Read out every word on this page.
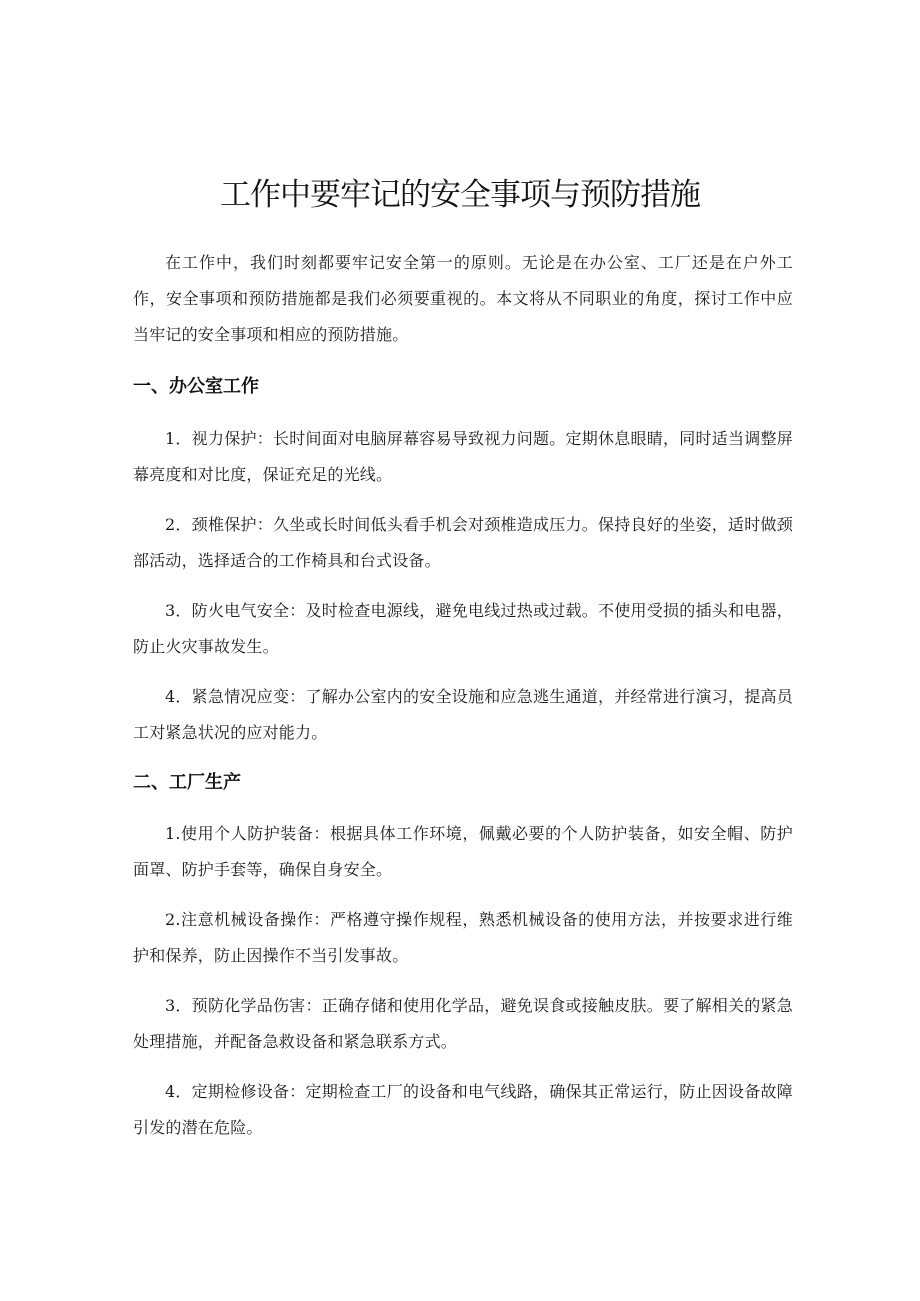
工作中要牢记的安全事项与预防措施

在工作中，我们时刻都要牢记安全第一的原则。无论是在办公室、工厂还是在户外工作，安全事项和预防措施都是我们必须要重视的。本文将从不同职业的角度，探讨工作中应当牢记的安全事项和相应的预防措施。

一、办公室工作

1．视力保护：长时间面对电脑屏幕容易导致视力问题。定期休息眼睛，同时适当调整屏幕亮度和对比度，保证充足的光线。

2．颈椎保护：久坐或长时间低头看手机会对颈椎造成压力。保持良好的坐姿，适时做颈部活动，选择适合的工作椅具和台式设备。

3．防火电气安全：及时检查电源线，避免电线过热或过载。不使用受损的插头和电器，防止火灾事故发生。

4．紧急情况应变：了解办公室内的安全设施和应急逃生通道，并经常进行演习，提高员工对紧急状况的应对能力。

二、工厂生产

1.使用个人防护装备：根据具体工作环境，佩戴必要的个人防护装备，如安全帽、防护面罩、防护手套等，确保自身安全。

2.注意机械设备操作：严格遵守操作规程，熟悉机械设备的使用方法，并按要求进行维护和保养，防止因操作不当引发事故。

3．预防化学品伤害：正确存储和使用化学品，避免误食或接触皮肤。要了解相关的紧急处理措施，并配备急救设备和紧急联系方式。

4．定期检修设备：定期检查工厂的设备和电气线路，确保其正常运行，防止因设备故障引发的潜在危险。
